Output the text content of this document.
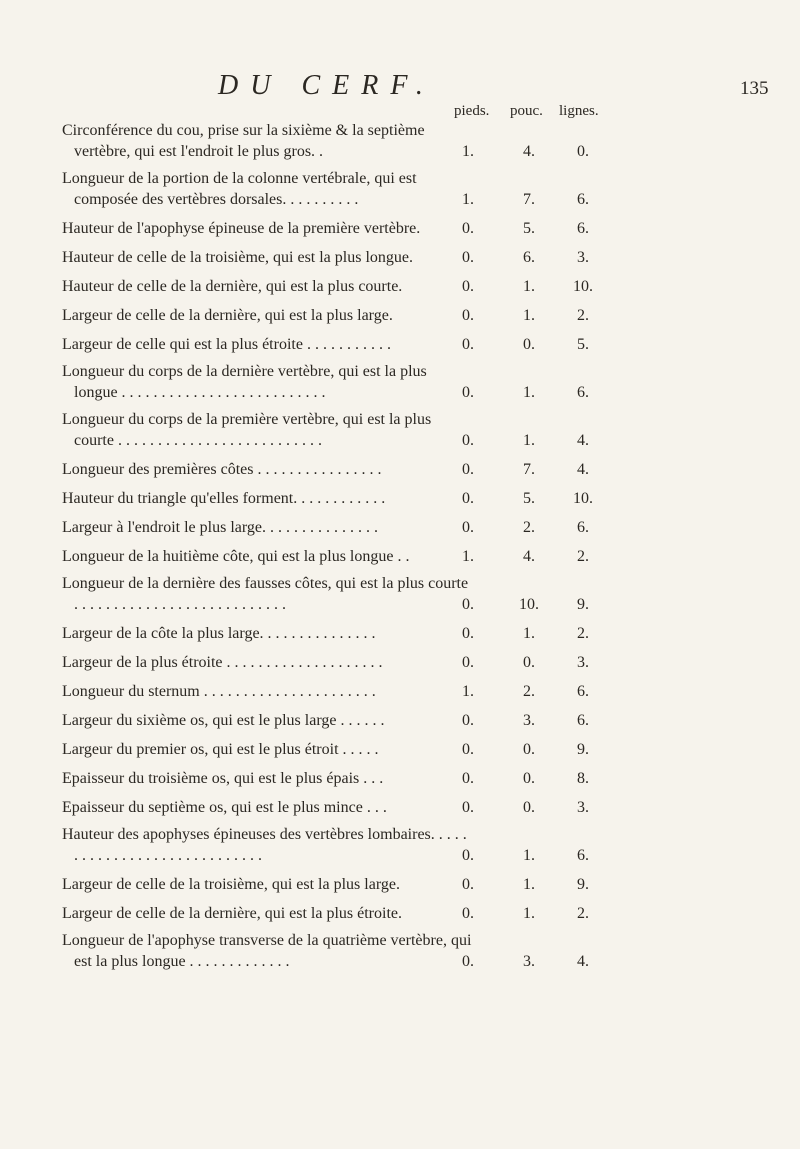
DU CERF.	135
pieds. pouc. lignes.
Circonférence du cou, prise sur la sixième & la septième vertèbre, qui est l'endroit le plus gros. .	1.	4.	0.
Longueur de la portion de la colonne vertébrale, qui est composée des vertèbres dorsales. . . . . . . . . .	1.	7.	6.
Hauteur de l'apophyse épineuse de la première vertèbre.	0.	5.	6.
Hauteur de celle de la troisième, qui est la plus longue.	0.	6.	3.
Hauteur de celle de la dernière, qui est la plus courte.	0.	1.	10.
Largeur de celle de la dernière, qui est la plus large.	0.	1.	2.
Largeur de celle qui est la plus étroite . . . . . . . . . . .	0.	0.	5.
Longueur du corps de la dernière vertèbre, qui est la plus longue . . . . . . . . . . . . . . . . . . . . . . . . . .	0.	1.	6.
Longueur du corps de la première vertèbre, qui est la plus courte . . . . . . . . . . . . . . . . . . . . . . . . . .	0.	1.	4.
Longueur des premières côtes . . . . . . . . . . . . . . . .	0.	7.	4.
Hauteur du triangle qu'elles forment. . . . . . . . . . . .	0.	5.	10.
Largeur à l'endroit le plus large. . . . . . . . . . . . . . .	0.	2.	6.
Longueur de la huitième côte, qui est la plus longue . .	1.	4.	2.
Longueur de la dernière des fausses côtes, qui est la plus courte . . . . . . . . . . . . . . . . . . . . . . . . . . .	0.	10.	9.
Largeur de la côte la plus large. . . . . . . . . . . . . . .	0.	1.	2.
Largeur de la plus étroite . . . . . . . . . . . . . . . . . . . .	0.	0.	3.
Longueur du sternum . . . . . . . . . . . . . . . . . . . . . .	1.	2.	6.
Largeur du sixième os, qui est le plus large . . . . . .	0.	3.	6.
Largeur du premier os, qui est le plus étroit . . . . .	0.	0.	9.
Epaisseur du troisième os, qui est le plus épais . . .	0.	0.	8.
Epaisseur du septième os, qui est le plus mince . . .	0.	0.	3.
Hauteur des apophyses épineuses des vertèbres lombaires. . . . . . . . . . . . . . . . . . . . . . . . . . . . .	0.	1.	6.
Largeur de celle de la troisième, qui est la plus large.	0.	1.	9.
Largeur de celle de la dernière, qui est la plus étroite.	0.	1.	2.
Longueur de l'apophyse transverse de la quatrième vertèbre, qui est la plus longue . . . . . . . . . . . . .	0.	3.	4.
